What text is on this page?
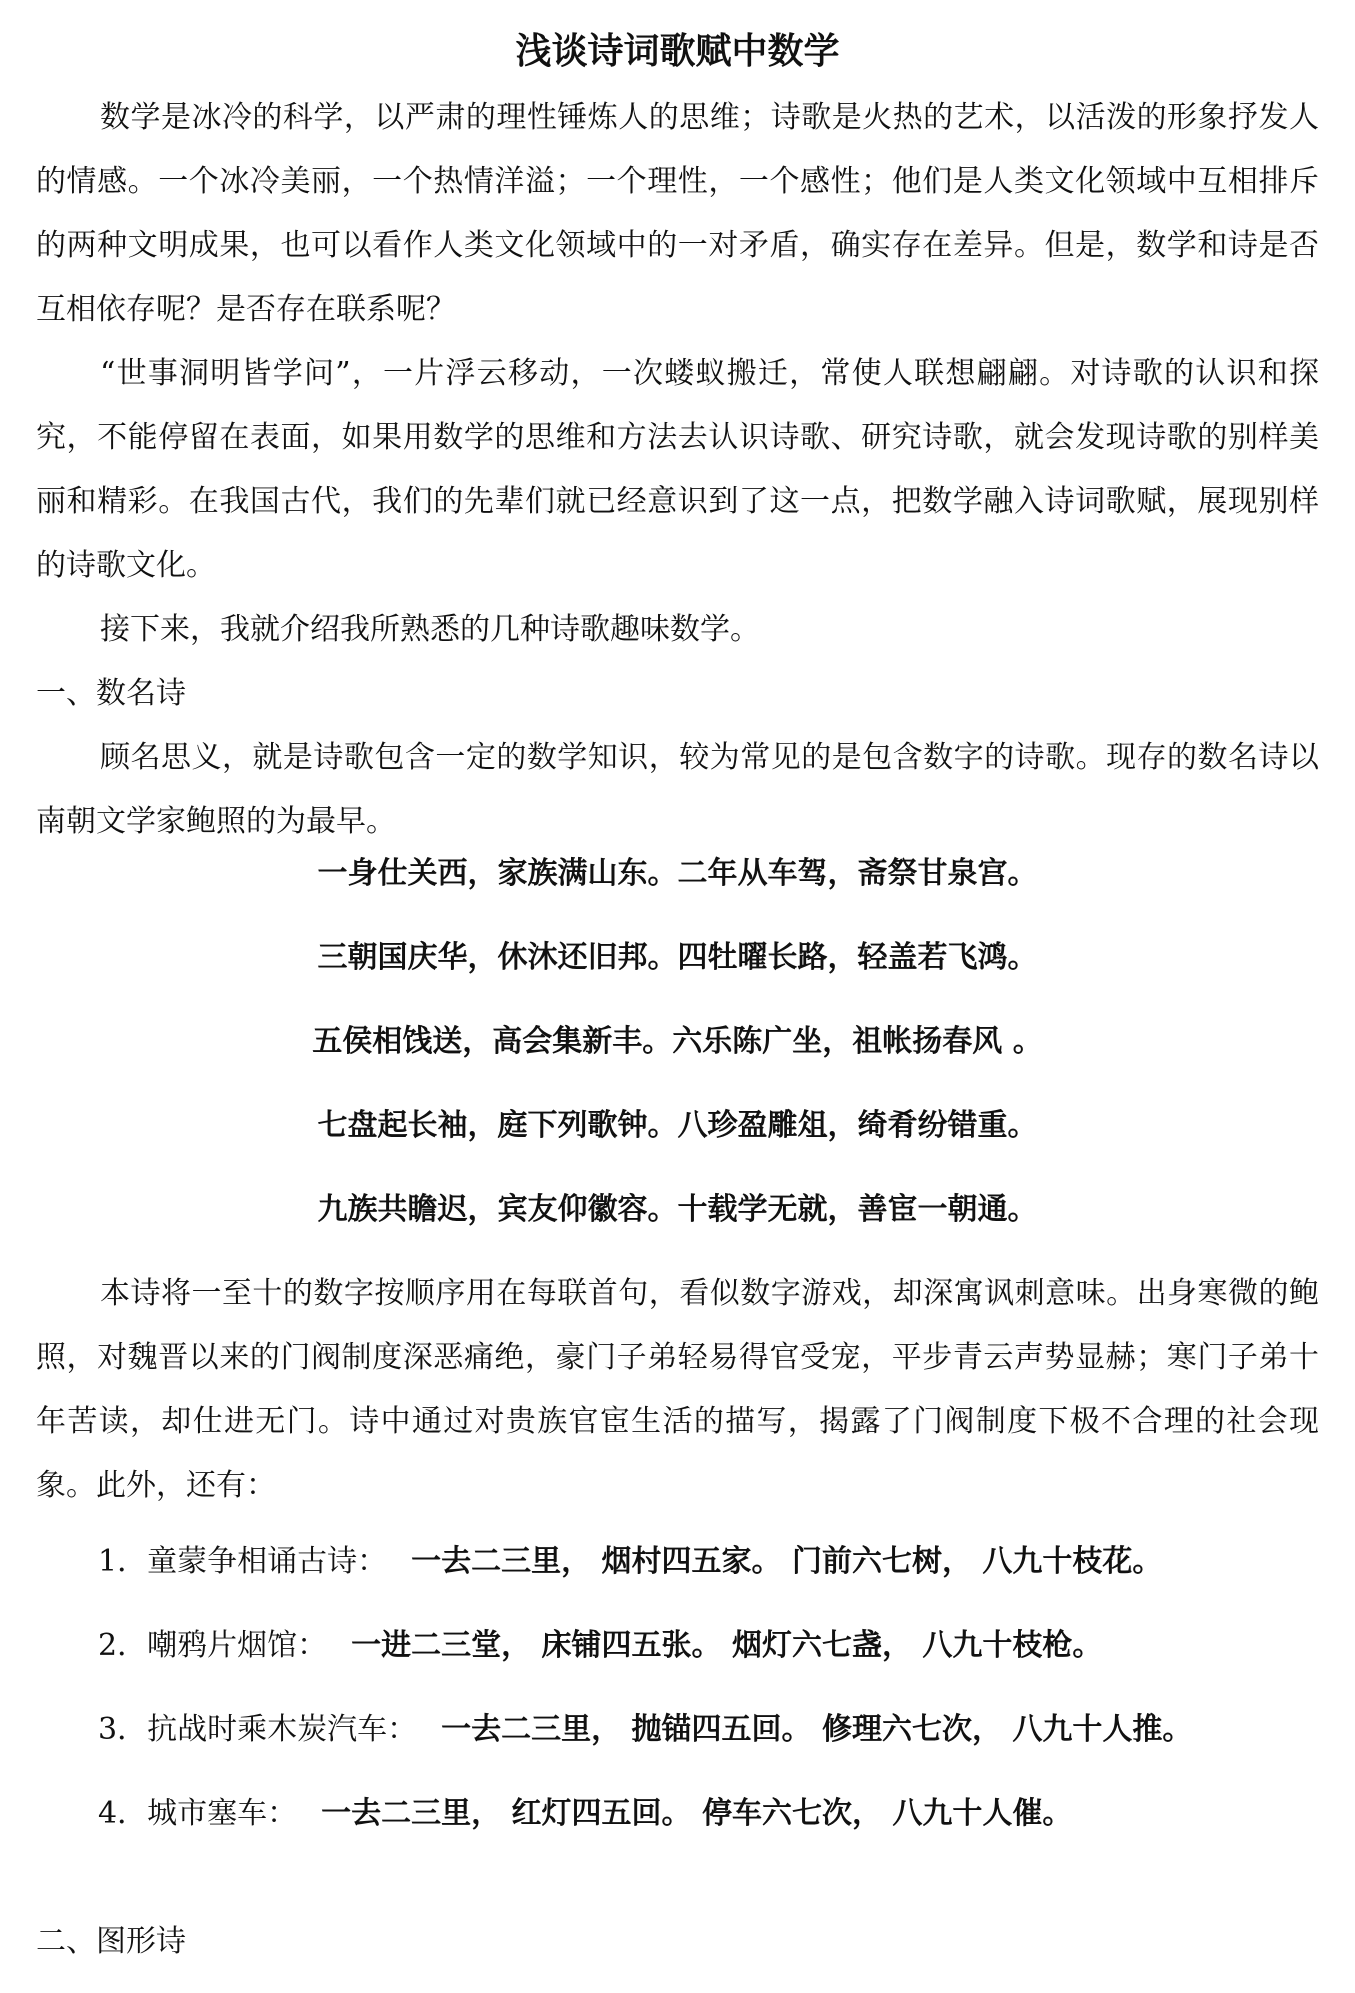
浅谈诗词歌赋中数学

数学是冰冷的科学，以严肃的理性锤炼人的思维；诗歌是火热的艺术，以活泼的形象抒发人的情感。一个冰冷美丽，一个热情洋溢；一个理性，一个感性；他们是人类文化领域中互相排斥的两种文明成果，也可以看作人类文化领域中的一对矛盾，确实存在差异。但是，数学和诗是否互相依存呢？是否存在联系呢？

“世事洞明皆学问”，一片浮云移动，一次蝼蚁搬迁，常使人联想翩翩。对诗歌的认识和探究，不能停留在表面，如果用数学的思维和方法去认识诗歌、研究诗歌，就会发现诗歌的别样美丽和精彩。在我国古代，我们的先辈们就已经意识到了这一点，把数学融入诗词歌赋，展现别样的诗歌文化。

接下来，我就介绍我所熟悉的几种诗歌趣味数学。

一、数名诗

顾名思义，就是诗歌包含一定的数学知识，较为常见的是包含数字的诗歌。现存的数名诗以南朝文学家鲍照的为最早。

一身仕关西，家族满山东。二年从车驾，斋祭甘泉宫。

三朝国庆华，休沐还旧邦。四牡曜长路，轻盖若飞鸿。

五侯相饯送，高会集新丰。六乐陈广坐，祖帐扬春风 。

七盘起长袖，庭下列歌钟。八珍盈雕俎，绮肴纷错重。

九族共瞻迟，宾友仰徽容。十载学无就，善宦一朝通。

本诗将一至十的数字按顺序用在每联首句，看似数字游戏，却深寓讽刺意味。出身寒微的鲍照，对魏晋以来的门阀制度深恶痛绝，豪门子弟轻易得官受宠，平步青云声势显赫；寒门子弟十年苦读，却仕进无门。诗中通过对贵族官宦生活的描写，揭露了门阀制度下极不合理的社会现象。此外，还有：

1．童蒙争相诵古诗： 一去二三里， 烟村四五家。 门前六七树， 八九十枝花。

2．嘲鸦片烟馆： 一进二三堂， 床铺四五张。 烟灯六七盏， 八九十枝枪。

3．抗战时乘木炭汽车： 一去二三里， 抛锚四五回。 修理六七次， 八九十人推。

4．城市塞车： 一去二三里， 红灯四五回。 停车六七次， 八九十人催。

二、图形诗
